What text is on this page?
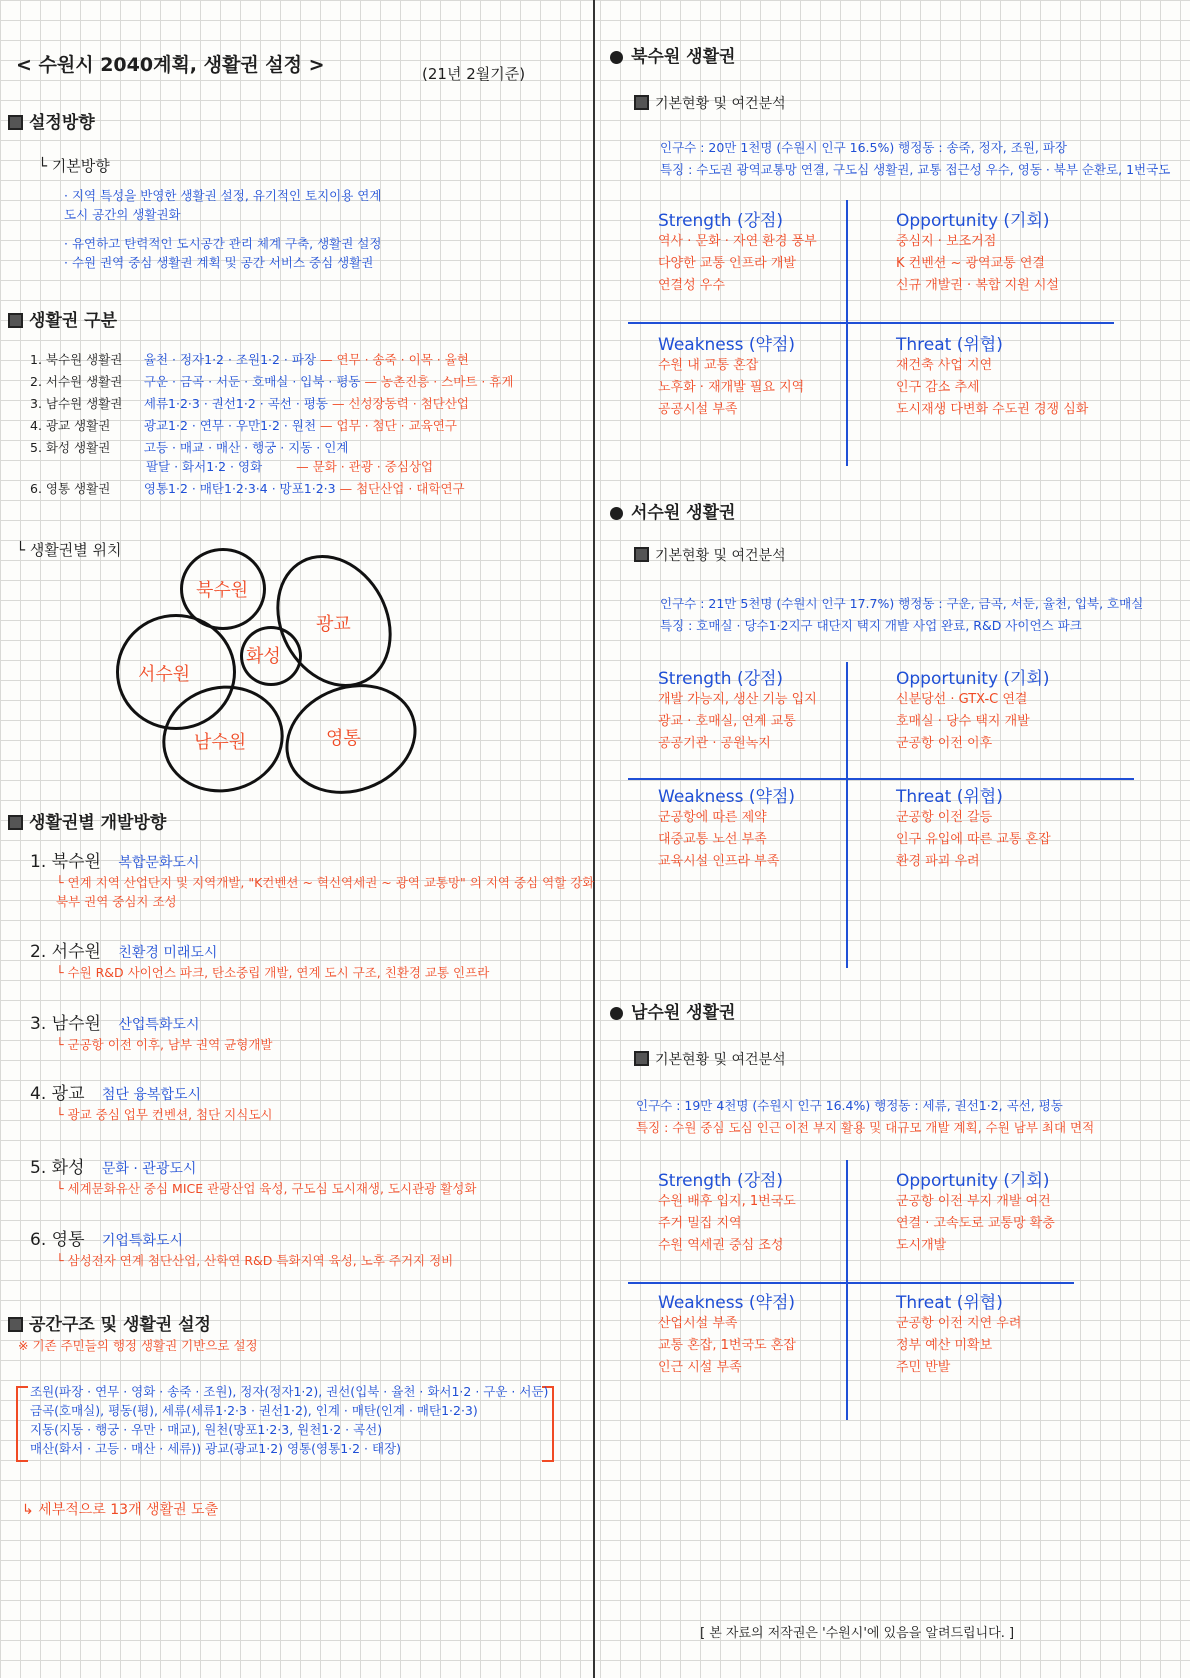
< 수원시 2040계획, 생활권 설정 >	(21년 2월기준)
설정방향
└ 기본방향
· 지역 특성을 반영한 생활권 설정, 유기적인 토지이용 연계
도시 공간의 생활권화
· 유연하고 탄력적인 도시공간 관리 체계 구축, 생활권 설정
· 수원 권역 중심 생활권 계획 및 공간 서비스 중심 생활권
생활권 구분
1. 북수원 생활권 율천 · 정자1·2 · 조원1·2 · 파장 — 연무 · 송죽 · 이목 · 율현
2. 서수원 생활권 구운 · 금곡 · 서둔 · 호매실 · 입북 · 평동 — 농촌진흥 · 스마트 · 휴게
3. 남수원 생활권 세류1·2·3 · 권선1·2 · 곡선 · 평동 — 신성장동력 · 첨단산업
4. 광교 생활권	광교1·2 · 연무 · 우만1·2 · 원천 — 업무 · 첨단 · 교육연구
5. 화성 생활권	고등 · 매교 · 매산 · 행궁 · 지동 · 인계
팔달 · 화서1·2 · 영화	— 문화 · 관광 · 중심상업
6. 영통 생활권	영통1·2 · 매탄1·2·3·4 · 망포1·2·3 — 첨단산업 · 대학연구
└ 생활권별 위치
북수원
광교
서수원
화성
남수원	영통
생활권별 개발방향
1. 북수원 복합문화도시
└ 연계 지역 산업단지 및 지역개발, "K컨벤션 ~ 혁신역세권 ~ 광역 교통망" 의 지역 중심 역할 강화
북부 권역 중심지 조성
2. 서수원 친환경 미래도시
└ 수원 R&D 사이언스 파크, 탄소중립 개발, 연계 도시 구조, 친환경 교통 인프라
3. 남수원 산업특화도시
└ 군공항 이전 이후, 남부 권역 균형개발
4. 광교 첨단 융복합도시
└ 광교 중심 업무 컨벤션, 첨단 지식도시
5. 화성 문화 · 관광도시
└ 세계문화유산 중심 MICE 관광산업 육성, 구도심 도시재생, 도시관광 활성화
6. 영통 기업특화도시
└ 삼성전자 연계 첨단산업, 산학연 R&D 특화지역 육성, 노후 주거지 정비
공간구조 및 생활권 설정
※ 기존 주민들의 행정 생활권 기반으로 설정
조원(파장 · 연무 · 영화 · 송죽 · 조원), 정자(정자1·2), 권선(입북 · 율천 · 화서1·2 · 구운 · 서둔)
금곡(호매실), 평동(평), 세류(세류1·2·3 · 권선1·2), 인계 · 매탄(인계 · 매탄1·2·3)
지동(지동 · 행궁 · 우만 · 매교), 원천(망포1·2·3, 원천1·2 · 곡선)
매산(화서 · 고등 · 매산 · 세류)) 광교(광교1·2) 영통(영통1·2 · 태장)
↳ 세부적으로 13개 생활권 도출
북수원 생활권
기본현황 및 여건분석
인구수 : 20만 1천명 (수원시 인구 16.5%) 행정동 : 송죽, 정자, 조원, 파장
특징 : 수도권 광역교통망 연결, 구도심 생활권, 교통 접근성 우수, 영동 · 북부 순환로, 1번국도
Strength (강점)
역사 · 문화 · 자연 환경 풍부
다양한 교통 인프라 개발
연결성 우수
Opportunity (기회)
중심지 · 보조거점
K 컨벤션 ~ 광역교통 연결
신규 개발권 · 복합 지원 시설
Weakness (약점)
수원 내 교통 혼잡
노후화 · 재개발 필요 지역
공공시설 부족
Threat (위협)
재건축 사업 지연
인구 감소 추세
도시재생 다변화 수도권 경쟁 심화
서수원 생활권
기본현황 및 여건분석
인구수 : 21만 5천명 (수원시 인구 17.7%) 행정동 : 구운, 금곡, 서둔, 율천, 입북, 호매실
특징 : 호매실 · 당수1·2지구 대단지 택지 개발 사업 완료, R&D 사이언스 파크
Strength (강점)
개발 가능지, 생산 기능 입지
광교 · 호매실, 연계 교통
공공기관 · 공원녹지
Opportunity (기회)
신분당선 · GTX-C 연결
호매실 · 당수 택지 개발
군공항 이전 이후
Weakness (약점)
군공항에 따른 제약
대중교통 노선 부족
교육시설 인프라 부족
Threat (위협)
군공항 이전 갈등
인구 유입에 따른 교통 혼잡
환경 파괴 우려
남수원 생활권
기본현황 및 여건분석
인구수 : 19만 4천명 (수원시 인구 16.4%) 행정동 : 세류, 권선1·2, 곡선, 평동
특징 : 수원 중심 도심 인근 이전 부지 활용 및 대규모 개발 계획, 수원 남부 최대 면적
Strength (강점)
수원 배후 입지, 1번국도
주거 밀집 지역
수원 역세권 중심 조성
Opportunity (기회)
군공항 이전 부지 개발 여건
연결 · 고속도로 교통망 확충
도시개발
Weakness (약점)
산업시설 부족
교통 혼잡, 1번국도 혼잡
인근 시설 부족
Threat (위협)
군공항 이전 지연 우려
정부 예산 미확보
주민 반발
[ 본 자료의 저작권은 '수원시'에 있음을 알려드립니다. ]
